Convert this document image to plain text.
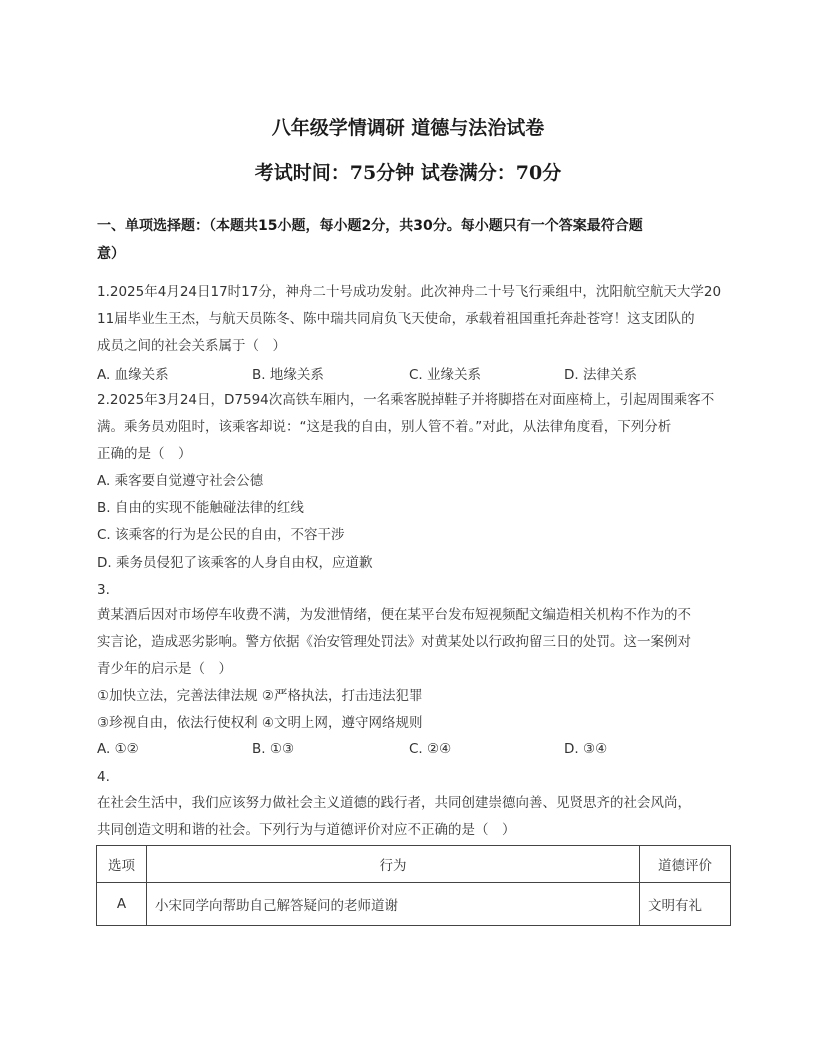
八年级学情调研 道德与法治试卷
考试时间：75分钟 试卷满分：70分
一、单项选择题：（本题共15小题，每小题2分，共30分。每小题只有一个答案最符合题
意）
1.2025年4月24日17时17分，神舟二十号成功发射。此次神舟二十号飞行乘组中，沈阳航空航天大学20
11届毕业生王杰，与航天员陈冬、陈中瑞共同肩负飞天使命，承载着祖国重托奔赴苍穹！这支团队的
成员之间的社会关系属于（　）
A. 血缘关系	B. 地缘关系	C. 业缘关系	D. 法律关系
2.2025年3月24日，D7594次高铁车厢内，一名乘客脱掉鞋子并将脚搭在对面座椅上，引起周围乘客不
满。乘务员劝阻时，该乘客却说：“这是我的自由，别人管不着。”对此，从法律角度看，下列分析
正确的是（　）
A. 乘客要自觉遵守社会公德
B. 自由的实现不能触碰法律的红线
C. 该乘客的行为是公民的自由，不容干涉
D. 乘务员侵犯了该乘客的人身自由权，应道歉
3.
黄某酒后因对市场停车收费不满，为发泄情绪，便在某平台发布短视频配文编造相关机构不作为的不
实言论，造成恶劣影响。警方依据《治安管理处罚法》对黄某处以行政拘留三日的处罚。这一案例对
青少年的启示是（　）
①加快立法，完善法律法规 ②严格执法，打击违法犯罪
③珍视自由，依法行使权利 ④文明上网，遵守网络规则
A. ①②	B. ①③	C. ②④	D. ③④
4.
在社会生活中，我们应该努力做社会主义道德的践行者，共同创建崇德向善、见贤思齐的社会风尚，
共同创造文明和谐的社会。下列行为与道德评价对应不正确的是（　）
选项	行为	道德评价
A	小宋同学向帮助自己解答疑问的老师道谢	文明有礼
